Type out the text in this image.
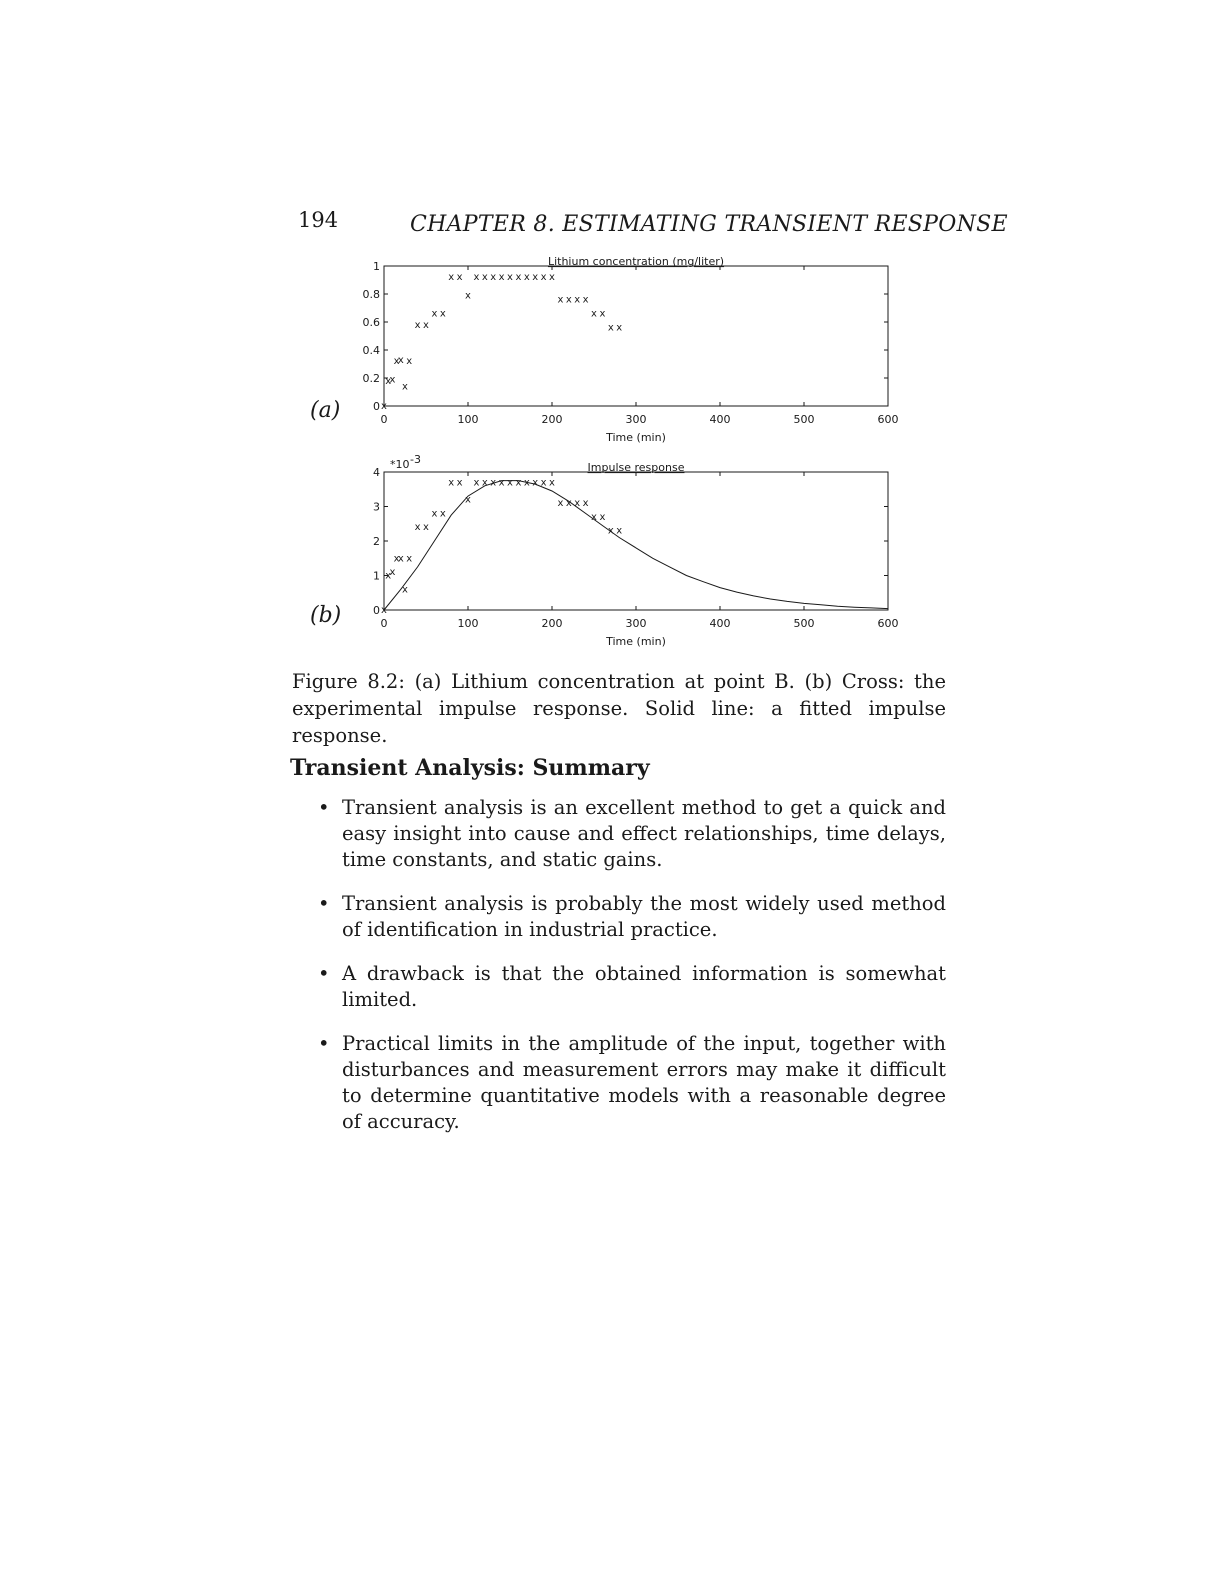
194	CHAPTER 8. ESTIMATING TRANSIENT RESPONSE
(a)
(b)
Lithium concentration (mg/liter)
0	100	200	300	400	500	600
0
0.2
0.4
0.6
0.8
1
Time (min)
x
x
x
x
x
x
x
x x
x x
x x
x
x x x x x x x x x x
x x x x
x x
x x
Impulse response
0	100	200	300	400	500	600
0
1
2
3
4
*10 -3
Time (min)
x
x
x
x
x
x
x
x x
x x
x x
x
x x x x x x x x x x
x x x x
x x
x x
Figure 8.2: (a) Lithium concentration at point B. (b) Cross: the experimental impulse response. Solid line: a fitted impulse response.
Transient Analysis: Summary
• Transient analysis is an excellent method to get a quick and easy insight into cause and effect relationships, time delays, time constants, and static gains.
• Transient analysis is probably the most widely used method of identification in industrial practice.
• A drawback is that the obtained information is somewhat limited.
• Practical limits in the amplitude of the input, together with disturbances and measurement errors may make it difficult to determine quantitative models with a reasonable degree of accuracy.
